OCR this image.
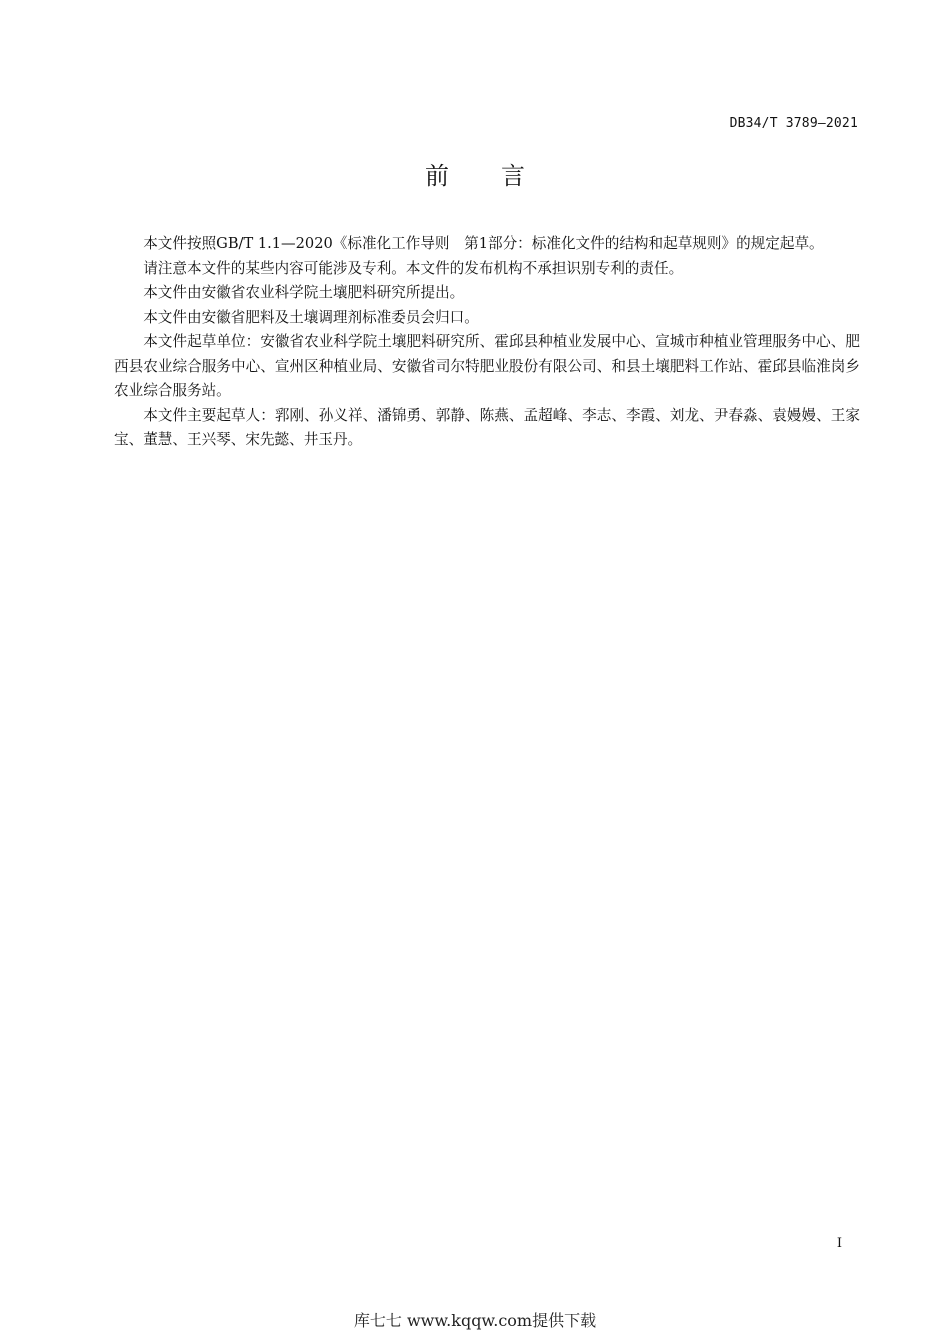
DB34/T 3789—2021
前言

本文件按照GB/T 1.1—2020《标准化工作导则　第1部分：标准化文件的结构和起草规则》的规定起草。

请注意本文件的某些内容可能涉及专利。本文件的发布机构不承担识别专利的责任。

本文件由安徽省农业科学院土壤肥料研究所提出。

本文件由安徽省肥料及土壤调理剂标准委员会归口。

本文件起草单位：安徽省农业科学院土壤肥料研究所、霍邱县种植业发展中心、宣城市种植业管理服务中心、肥西县农业综合服务中心、宣州区种植业局、安徽省司尔特肥业股份有限公司、和县土壤肥料工作站、霍邱县临淮岗乡农业综合服务站。

本文件主要起草人：郛刚、孙义祥、潘锦勇、郭静、陈燕、孟超峰、李志、李霞、刘龙、尹春淼、袁嫚嫚、王家宝、董慧、王兴琴、宋先懿、井玉丹。

I
库七七 www.kqqw.com提供下载
